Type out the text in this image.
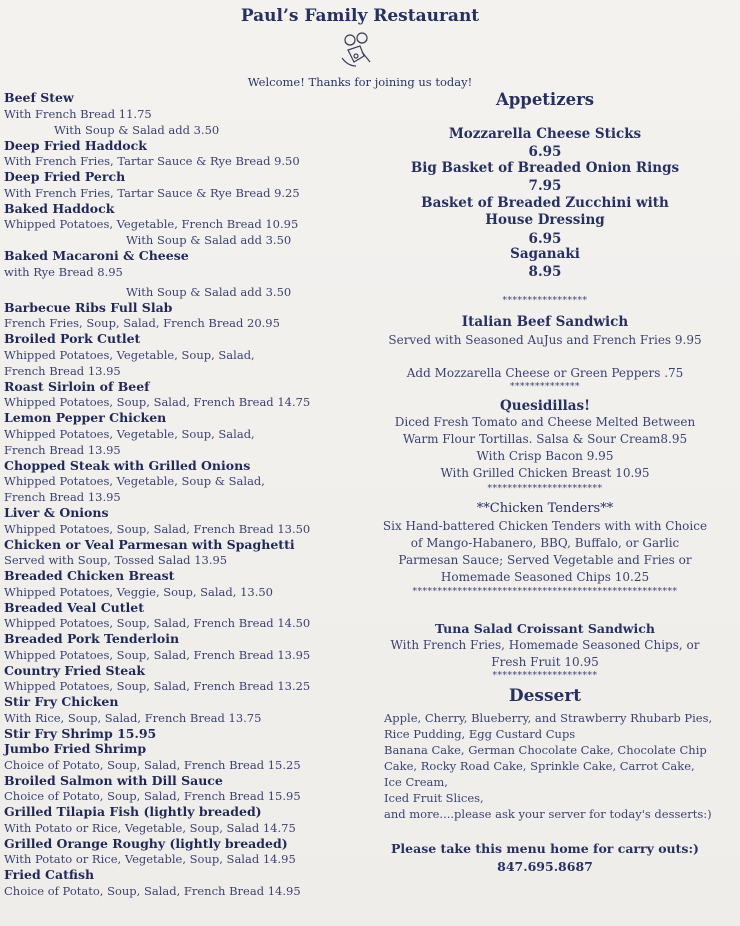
Paul’s Family Restaurant
Welcome! Thanks for joining us today!
Beef Stew
With French Bread 11.75
With Soup & Salad add 3.50
Deep Fried Haddock
With French Fries, Tartar Sauce & Rye Bread 9.50
Deep Fried Perch
With French Fries, Tartar Sauce & Rye Bread 9.25
Baked Haddock
Whipped Potatoes, Vegetable, French Bread 10.95
With Soup & Salad add 3.50
Baked Macaroni & Cheese
with Rye Bread 8.95
With Soup & Salad add 3.50
Barbecue Ribs Full Slab
French Fries, Soup, Salad, French Bread 20.95
Broiled Pork Cutlet
Whipped Potatoes, Vegetable, Soup, Salad,
French Bread 13.95
Roast Sirloin of Beef
Whipped Potatoes, Soup, Salad, French Bread 14.75
Lemon Pepper Chicken
Whipped Potatoes, Vegetable, Soup, Salad,
French Bread 13.95
Chopped Steak with Grilled Onions
Whipped Potatoes, Vegetable, Soup & Salad,
French Bread 13.95
Liver & Onions
Whipped Potatoes, Soup, Salad, French Bread 13.50
Chicken or Veal Parmesan with Spaghetti
Served with Soup, Tossed Salad 13.95
Breaded Chicken Breast
Whipped Potatoes, Veggie, Soup, Salad, 13.50
Breaded Veal Cutlet
Whipped Potatoes, Soup, Salad, French Bread 14.50
Breaded Pork Tenderloin
Whipped Potatoes, Soup, Salad, French Bread 13.95
Country Fried Steak
Whipped Potatoes, Soup, Salad, French Bread 13.25
Stir Fry Chicken
With Rice, Soup, Salad, French Bread 13.75
Stir Fry Shrimp 15.95
Jumbo Fried Shrimp
Choice of Potato, Soup, Salad, French Bread 15.25
Broiled Salmon with Dill Sauce
Choice of Potato, Soup, Salad, French Bread 15.95
Grilled Tilapia Fish (lightly breaded)
With Potato or Rice, Vegetable, Soup, Salad 14.75
Grilled Orange Roughy (lightly breaded)
With Potato or Rice, Vegetable, Soup, Salad 14.95
Fried Catfish
Choice of Potato, Soup, Salad, French Bread 14.95
Appetizers
Mozzarella Cheese Sticks
6.95
Big Basket of Breaded Onion Rings
7.95
Basket of Breaded Zucchini with House Dressing
6.95
Saganaki
8.95
*****************
Italian Beef Sandwich
Served with Seasoned AuJus and French Fries 9.95
Add Mozzarella Cheese or Green Peppers .75
**************
Quesidillas!
Diced Fresh Tomato and Cheese Melted Between
Warm Flour Tortillas. Salsa & Sour Cream8.95
With Crisp Bacon 9.95
With Grilled Chicken Breast 10.95
***********************
**Chicken Tenders**
Six Hand-battered Chicken Tenders with with Choice
of Mango-Habanero, BBQ, Buffalo, or Garlic
Parmesan Sauce; Served Vegetable and Fries or
Homemade Seasoned Chips 10.25
*****************************************************
Tuna Salad Croissant Sandwich
With French Fries, Homemade Seasoned Chips, or
Fresh Fruit 10.95
*********************
Dessert
Apple, Cherry, Blueberry, and Strawberry Rhubarb Pies,
Rice Pudding, Egg Custard Cups
Banana Cake, German Chocolate Cake, Chocolate Chip
Cake, Rocky Road Cake, Sprinkle Cake, Carrot Cake,
Ice Cream,
Iced Fruit Slices,
and more....please ask your server for today's desserts:)
Please take this menu home for carry outs:)
847.695.8687
